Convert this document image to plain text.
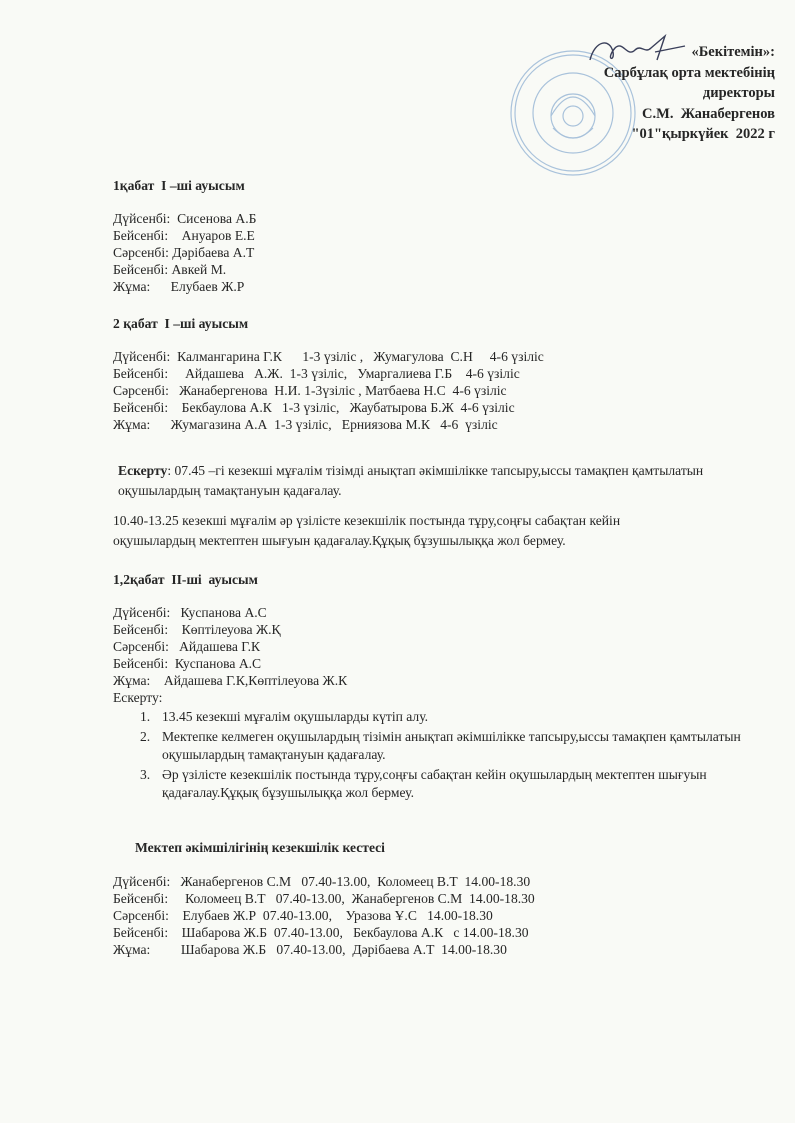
«Бекітемін»:
Сарбұлақ орта мектебінің
директоры
С.М.  Жанабергенов
"01"қыркүйек  2022 г
1қабат  І –ші ауысым
Дүйсенбі:  Сисенова А.Б
Бейсенбі:    Ануаров Е.Е
Сәрсенбі: Дәрібаева А.Т
Бейсенбі: Авкей М.
Жұма:      Елубаев Ж.Р
2 қабат  І –ші ауысым
Дүйсенбі:  Калмангарина Г.К      1-3 үзіліс ,   Жумагулова  С.Н     4-6 үзіліс
Бейсенбі:     Айдашева   А.Ж.  1-3 үзіліс,   Умаргалиева Г.Б    4-6 үзіліс
Сәрсенбі:   Жанабергенова  Н.И. 1-3үзіліс , Матбаева Н.С  4-6 үзіліс
Бейсенбі:    Бекбаулова А.К   1-3 үзіліс,   Жаубатырова Б.Ж  4-6 үзіліс
Жұма:      Жумагазина А.А  1-3 үзіліс,   Ерниязова М.К   4-6  үзіліс
Ескерту: 07.45 –гі кезекші мұғалім тізімді анықтап әкімшілікке тапсыру,ыссы тамақпен қамтылатын оқушылардың тамақтануын қадағалау.
10.40-13.25 кезекші мұғалім әр үзілісте кезекшілік постында тұру,соңғы сабақтан кейін оқушылардың мектептен шығуын қадағалау.Құқық бұзушылыққа жол бермеу.
1,2қабат  ІІ-ші  ауысым
Дүйсенбі:   Куспанова А.С
Бейсенбі:    Көптілеуова Ж.Қ
Сәрсенбі:   Айдашева Г.К
Бейсенбі:  Куспанова А.С
Жұма:    Айдашева Г.К,Көптілеуова Ж.К
Ескерту:
1. 13.45 кезекші мұғалім оқушыларды күтіп алу.
2. Мектепке келмеген оқушылардың тізімін анықтап әкімшілікке тапсыру,ыссы тамақпен қамтылатын оқушылардың тамақтануын қадағалау.
3. Әр үзілісте кезекшілік постында тұру,соңғы сабақтан кейін оқушылардың мектептен шығуын қадағалау.Құқық бұзушылыққа жол бермеу.
Мектеп әкімшілігінің кезекшілік кестесі
Дүйсенбі:   Жанабергенов С.М   07.40-13.00,  Коломеец В.Т  14.00-18.30
Бейсенбі:     Коломеец В.Т   07.40-13.00,  Жанабергенов С.М  14.00-18.30
Сәрсенбі:    Елубаев Ж.Р  07.40-13.00,    Уразова Ұ.С   14.00-18.30
Бейсенбі:    Шабарова Ж.Б  07.40-13.00,   Бекбаулова А.К   с 14.00-18.30
Жұма:         Шабарова Ж.Б   07.40-13.00,  Дәрібаева А.Т  14.00-18.30
